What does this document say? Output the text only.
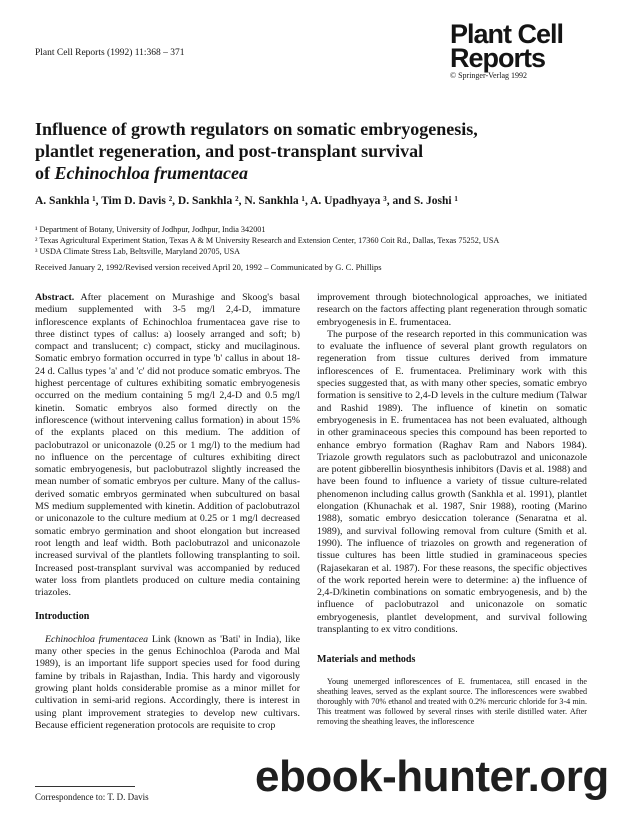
Plant Cell Reports (1992) 11:368 – 371
Plant Cell
Reports
© Springer-Verlag 1992
Influence of growth regulators on somatic embryogenesis,
plantlet regeneration, and post-transplant survival
of Echinochloa frumentacea
A. Sankhla ¹, Tim D. Davis ², D. Sankhla ², N. Sankhla ¹, A. Upadhyaya ³, and S. Joshi ¹
¹ Department of Botany, University of Jodhpur, Jodhpur, India 342001
² Texas Agricultural Experiment Station, Texas A & M University Research and Extension Center, 17360 Coit Rd., Dallas, Texas 75252, USA
³ USDA Climate Stress Lab, Beltsville, Maryland 20705, USA
Received January 2, 1992/Revised version received April 20, 1992 – Communicated by G. C. Phillips

Abstract. After placement on Murashige and Skoog's basal medium supplemented with 3-5 mg/l 2,4-D, immature inflorescence explants of Echinochloa frumentacea gave rise to three distinct types of callus: a) loosely arranged and soft; b) compact and translucent; c) compact, sticky and mucilaginous. Somatic embryo formation occurred in type 'b' callus in about 18-24 d. Callus types 'a' and 'c' did not produce somatic embryos. The highest percentage of cultures exhibiting somatic embryogenesis occurred on the medium containing 5 mg/l 2,4-D and 0.5 mg/l kinetin. Somatic embryos also formed directly on the inflorescence (without intervening callus formation) in about 15% of the explants placed on this medium. The addition of paclobutrazol or uniconazole (0.25 or 1 mg/l) to the medium had no influence on the percentage of cultures exhibiting direct somatic embryogenesis, but paclobutrazol slightly increased the mean number of somatic embryos per culture. Many of the callus-derived somatic embryos germinated when subcultured on basal MS medium supplemented with kinetin. Addition of paclobutrazol or uniconazole to the culture medium at 0.25 or 1 mg/l decreased somatic embryo germination and shoot elongation but increased root length and leaf width. Both paclobutrazol and uniconazole increased survival of the plantlets following transplanting to soil. Increased post-transplant survival was accompanied by reduced water loss from plantlets produced on culture media containing triazoles.

Introduction

Echinochloa frumentacea Link (known as 'Bati' in India), like many other species in the genus Echinochloa (Paroda and Mal 1989), is an important life support species used for food during famine by tribals in Rajasthan, India. This hardy and vigorously growing plant holds considerable promise as a minor millet for cultivation in semi-arid regions. Accordingly, there is interest in using plant improvement strategies to develop new cultivars. Because efficient regeneration protocols are requisite to crop

improvement through biotechnological approaches, we initiated research on the factors affecting plant regeneration through somatic embryogenesis in E. frumentacea.

The purpose of the research reported in this communication was to evaluate the influence of several plant growth regulators on regeneration from tissue cultures derived from immature inflorescences of E. frumentacea. Preliminary work with this species suggested that, as with many other species, somatic embryo formation is sensitive to 2,4-D levels in the culture medium (Talwar and Rashid 1989). The influence of kinetin on somatic embryogenesis in E. frumentacea has not been evaluated, although in other graminaceous species this compound has been reported to enhance embryo formation (Raghav Ram and Nabors 1984). Triazole growth regulators such as paclobutrazol and uniconazole are potent gibberellin biosynthesis inhibitors (Davis et al. 1988) and have been found to influence a variety of tissue culture-related phenomenon including callus growth (Sankhla et al. 1991), plantlet elongation (Khunachak et al. 1987, Snir 1988), rooting (Marino 1988), somatic embryo desiccation tolerance (Senaratna et al. 1989), and survival following removal from culture (Smith et al. 1990). The influence of triazoles on growth and regeneration of tissue cultures has been little studied in graminaceous species (Rajasekaran et al. 1987). For these reasons, the specific objectives of the work reported herein were to determine: a) the influence of 2,4-D/kinetin combinations on somatic embryogenesis, and b) the influence of paclobutrazol and uniconazole on somatic embryogenesis, plantlet development, and survival following transplanting to ex vitro conditions.

Materials and methods

Young unemerged inflorescences of E. frumentacea, still encased in the sheathing leaves, served as the explant source. The inflorescences were swabbed thoroughly with 70% ethanol and treated with 0.2% mercuric chloride for 3-4 min. This treatment was followed by several rinses with sterile distilled water. After removing the sheathing leaves, the inflorescence

Correspondence to: T. D. Davis ebook-hunter.org
